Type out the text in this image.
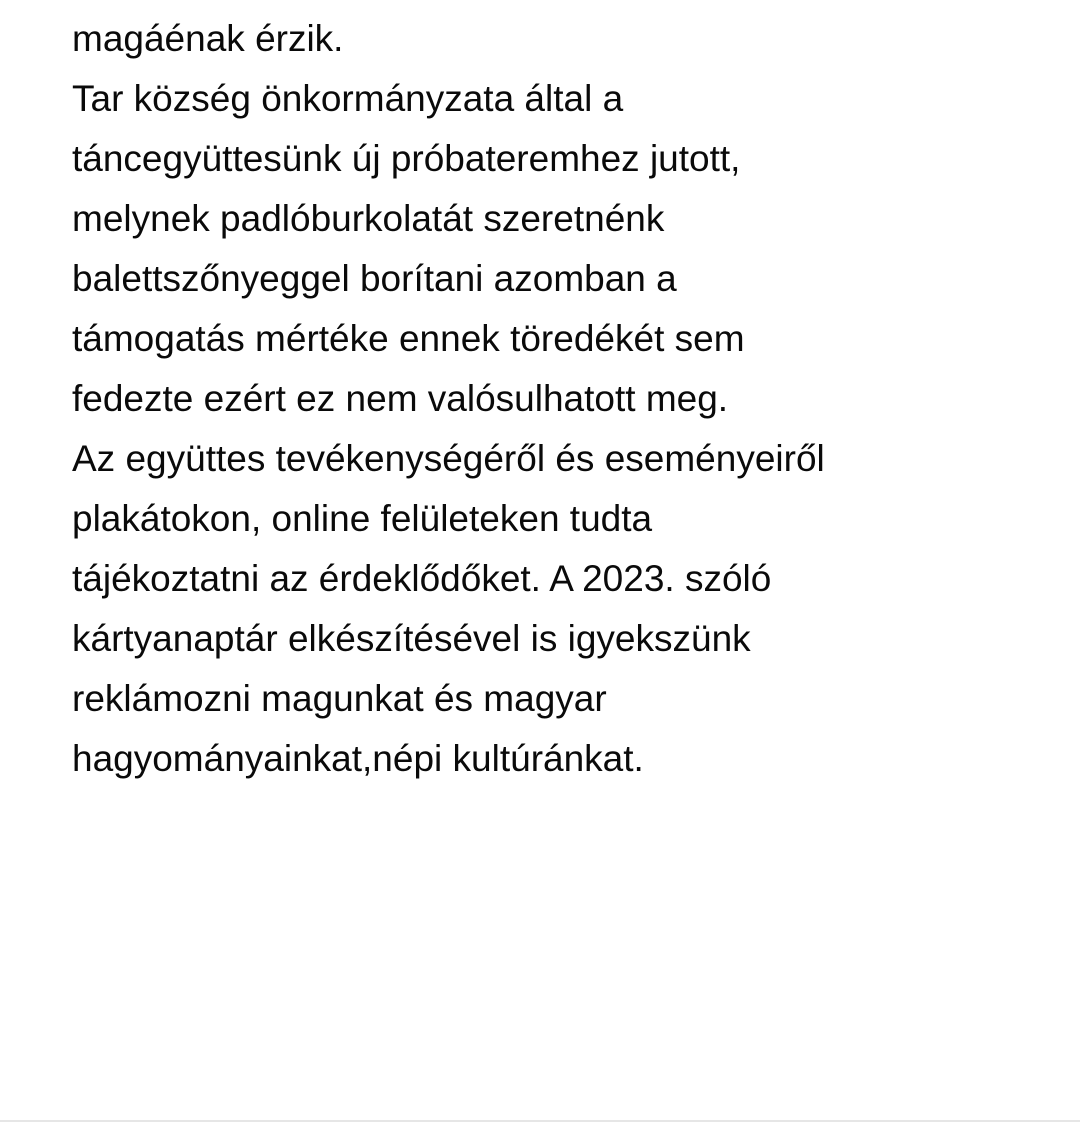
magáénak érzik.
Tar község önkormányzata által a
táncegyüttesünk új próbateremhez jutott,
melynek padlóburkolatát szeretnénk
balettszőnyeggel borítani azomban a
támogatás mértéke ennek töredékét sem
fedezte ezért ez nem valósulhatott meg.
Az együttes tevékenységéről és eseményeiről
plakátokon, online felületeken tudta
tájékoztatni az érdeklődőket. A 2023. szóló
kártyanaptár elkészítésével is igyekszünk
reklámozni magunkat és magyar
hagyományainkat,népi kultúránkat.
